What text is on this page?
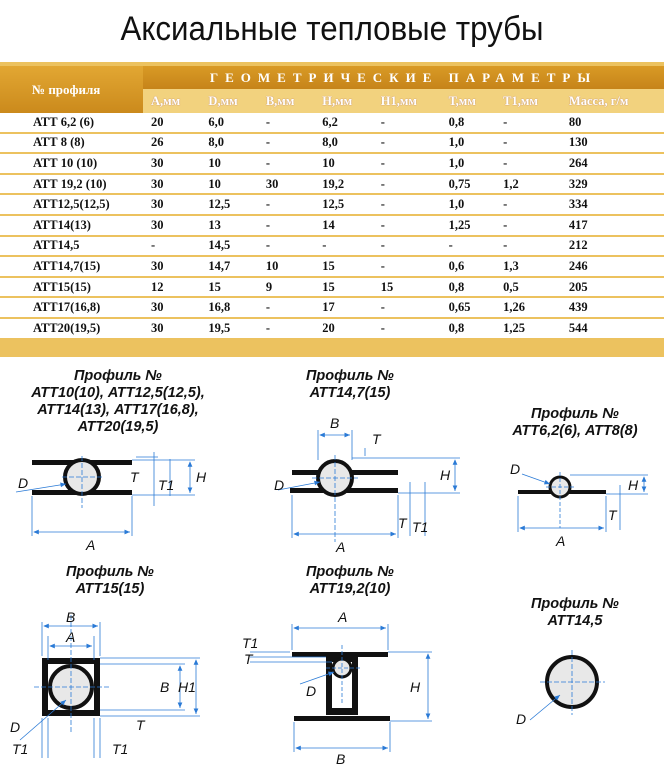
Аксиальные тепловые трубы
№ профиля	ГЕОМЕТРИЧЕСКИЕ ПАРАМЕТРЫ							
	А,мм	D,мм	В,мм	Н,мм	Н1,мм	Т,мм	Т1,мм	Масса, г/м
АТТ 6,2 (6)	20	6,0	-	6,2	-	0,8	-	80
АТТ 8 (8)	26	8,0	-	8,0	-	1,0	-	130
АТТ 10 (10)	30	10	-	10	-	1,0	-	264
АТТ 19,2 (10)	30	10	30	19,2	-	0,75	1,2	329
АТТ12,5(12,5)	30	12,5	-	12,5	-	1,0	-	334
АТТ14(13)	30	13	-	14	-	1,25	-	417
АТТ14,5	-	14,5	-	-	-	-	-	212
АТТ14,7(15)	30	14,7	10	15	-	0,6	1,3	246
АТТ15(15)	12	15	9	15	15	0,8	0,5	205
АТТ17(16,8)	30	16,8	-	17	-	0,65	1,26	439
АТТ20(19,5)	30	19,5	-	20	-	0,8	1,25	544
Профиль №
АТТ10(10), АТТ12,5(12,5),
АТТ14(13), АТТ17(16,8),
АТТ20(19,5)
Профиль №
АТТ14,7(15)
Профиль №
АТТ6,2(6), АТТ8(8)
Профиль №
АТТ15(15)
Профиль №
АТТ19,2(10)
Профиль №
АТТ14,5
A
H
T1
T
D
B
T
A
H
T T1
D
D
A
H
T
B
A
B H1
T
D
T1	T1
A
T1
T
H
D
B
D
